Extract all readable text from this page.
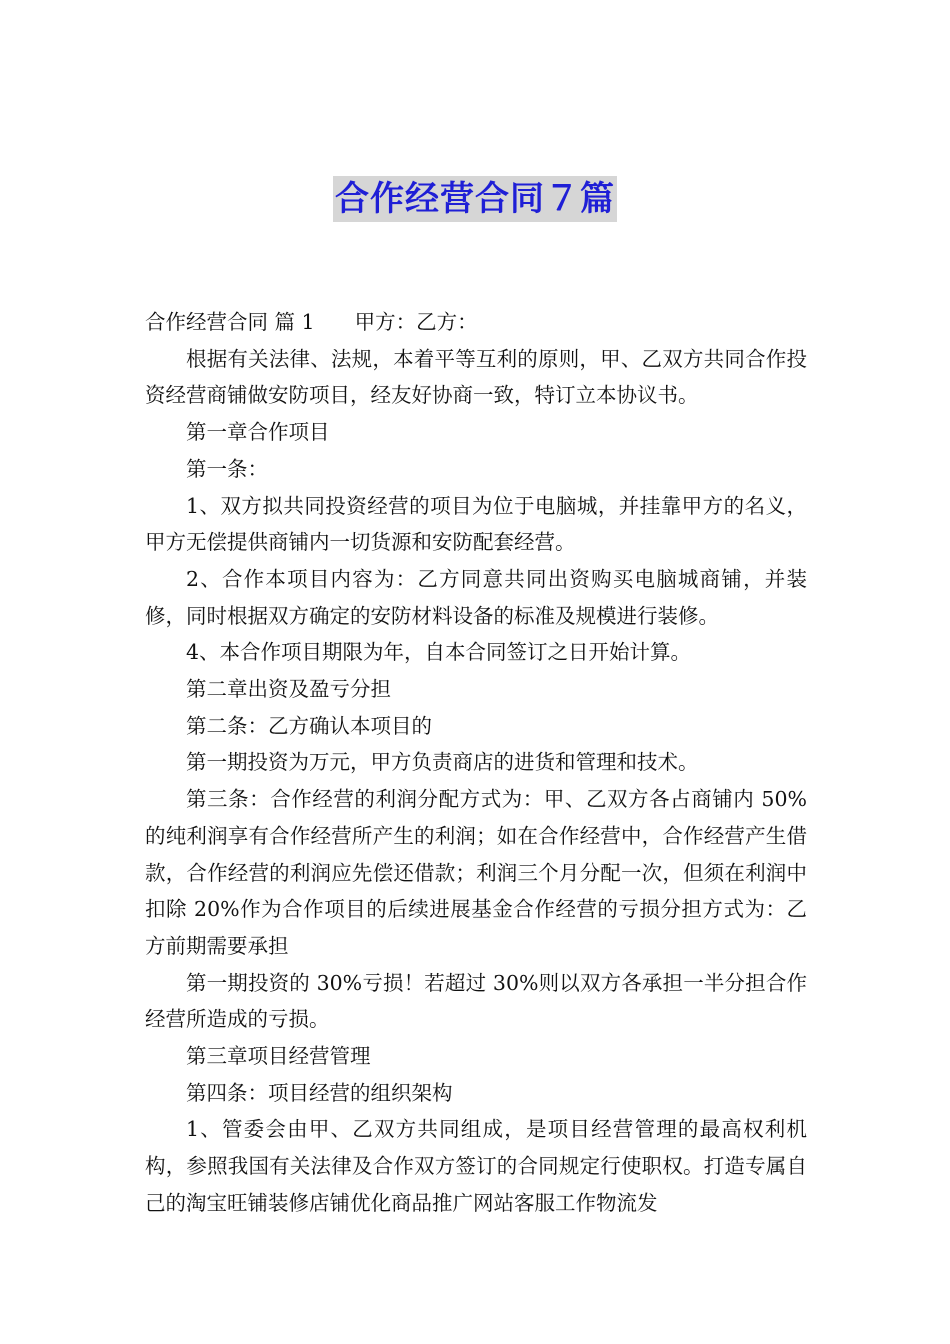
合作经营合同７篇

合作经营合同 篇 1 甲方：乙方：

根据有关法律、法规，本着平等互利的原则，甲、乙双方共同合作投资经营商铺做安防项目，经友好协商一致，特订立本协议书。

第一章合作项目

第一条：

1、双方拟共同投资经营的项目为位于电脑城，并挂靠甲方的名义，甲方无偿提供商铺内一切货源和安防配套经营。

2、合作本项目内容为：乙方同意共同出资购买电脑城商铺，并装修，同时根据双方确定的安防材料设备的标准及规模进行装修。

4、本合作项目期限为年，自本合同签订之日开始计算。

第二章出资及盈亏分担

第二条：乙方确认本项目的

第一期投资为万元，甲方负责商店的进货和管理和技术。

第三条：合作经营的利润分配方式为：甲、乙双方各占商铺内 50%的纯利润享有合作经营所产生的利润；如在合作经营中，合作经营产生借款，合作经营的利润应先偿还借款；利润三个月分配一次，但须在利润中扣除 20%作为合作项目的后续进展基金合作经营的亏损分担方式为：乙方前期需要承担

第一期投资的 30%亏损！若超过 30%则以双方各承担一半分担合作经营所造成的亏损。

第三章项目经营管理

第四条：项目经营的组织架构

1、管委会由甲、乙双方共同组成，是项目经营管理的最高权利机构，参照我国有关法律及合作双方签订的合同规定行使职权。打造专属自己的淘宝旺铺装修店铺优化商品推广网站客服工作物流发
